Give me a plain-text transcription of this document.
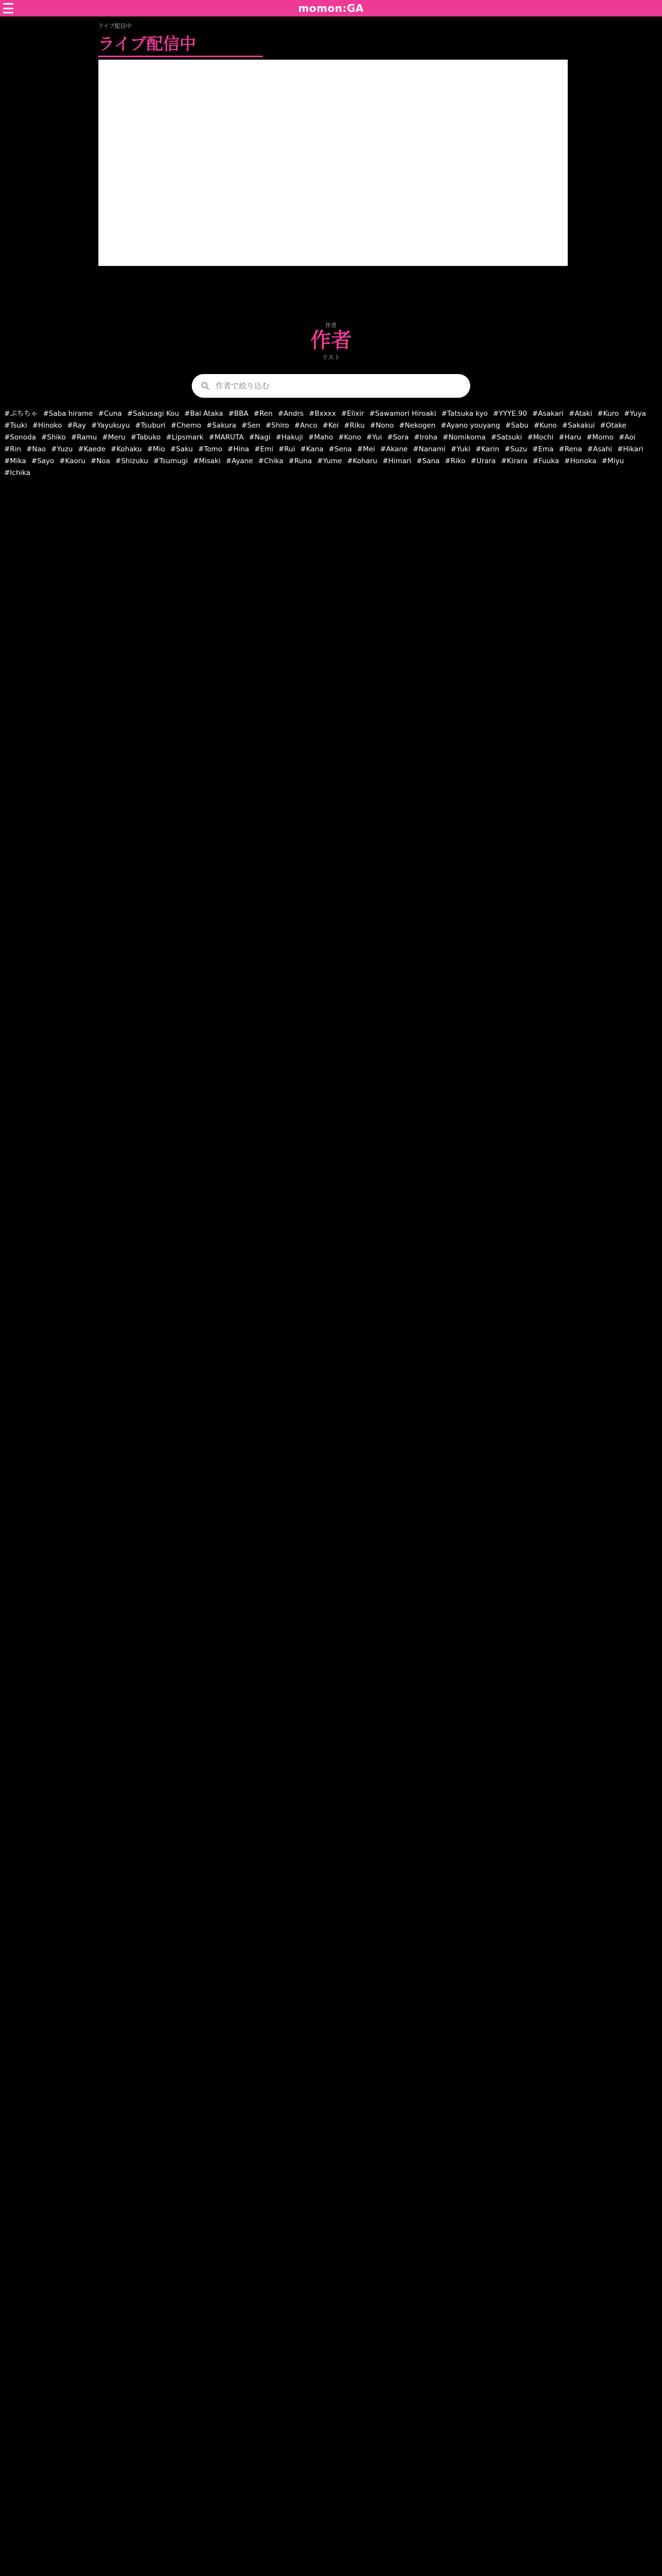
momon:GA
ライブ配信中
ライブ配信中
作者
作者
リスト
作者で絞り込む
#ぷちちゃ #Saba hirame #Cuna #Sakusagi Kou #Bai Ataka #BBA #Ren #Andrs #Bxxxx #Elixir #Sawamori Hiroaki #Tatsuka kyo #YYYE.90 #Asakari #Ataki #Kuro #Yuya#Tsuki #Hinoko #Ray #Yayukuyu #Tsuburi #Chemo #Sakura #Sen #Shiro #Anco #Kei #Riku #Nono #Nekogen #Ayano youyang #Sabu #Kuno #Sakakui #Otake#Sonoda #Shiko #Ramu #Meru #Tabuko #Lipsmark #MARUTA #Nagi #Hakuji #Maho #Kono #Yui #Sora #Iroha #Nomikoma #Satsuki #Mochi #Haru #Momo #Aoi#Rin #Nao #Yuzu #Kaede #Kohaku #Mio #Saku #Tomo #Hina #Emi #Rui #Kana #Sena #Mei #Akane #Nanami #Yuki #Karin #Suzu #Ema #Rena #Asahi #Hikari#Mika #Sayo #Kaoru #Noa #Shizuku #Tsumugi #Misaki #Ayane #Chika #Runa #Yume #Koharu #Himari #Sana #Riko #Urara #Kirara #Fuuka #Honoka #Miyu#Ichika
